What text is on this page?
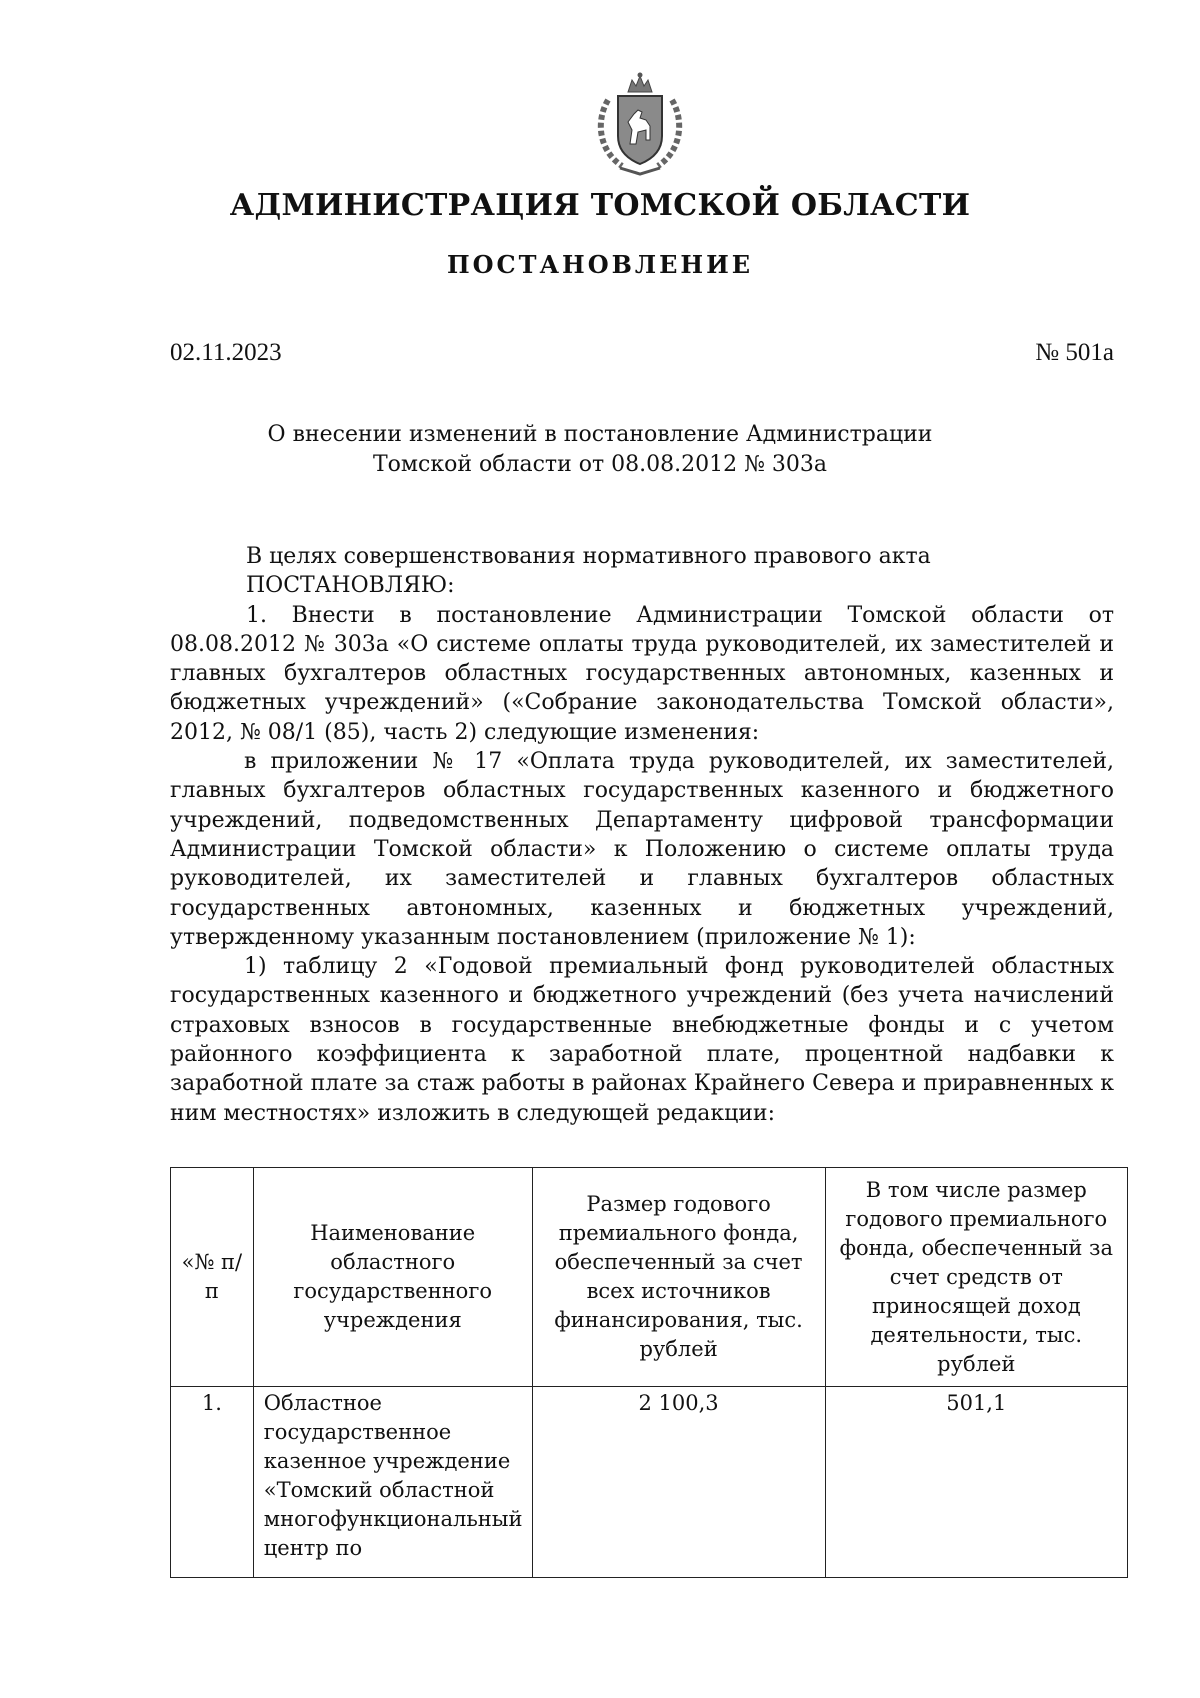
АДМИНИСТРАЦИЯ ТОМСКОЙ ОБЛАСТИ
ПОСТАНОВЛЕНИЕ
02.11.2023	№ 501а
О внесении изменений в постановление Администрации
Томской области от 08.08.2012 № 303а

В целях совершенствования нормативного правового акта

ПОСТАНОВЛЯЮ:

1. Внести в постановление Администрации Томской области от 08.08.2012 № 303а «О системе оплаты труда руководителей, их заместителей и главных бухгалтеров областных государственных автономных, казенных и бюджетных учреждений» («Собрание законодательства Томской области», 2012, № 08/1 (85), часть 2) следующие изменения:

в приложении № 17 «Оплата труда руководителей, их заместителей, главных бухгалтеров областных государственных казенного и бюджетного учреждений, подведомственных Департаменту цифровой трансформации Администрации Томской области» к Положению о системе оплаты труда руководителей, их заместителей и главных бухгалтеров областных государственных автономных, казенных и бюджетных учреждений, утвержденному указанным постановлением (приложение № 1):

1) таблицу 2 «Годовой премиальный фонд руководителей областных государственных казенного и бюджетного учреждений (без учета начислений страховых взносов в государственные внебюджетные фонды и с учетом районного коэффициента к заработной плате, процентной надбавки к заработной плате за стаж работы в районах Крайнего Севера и приравненных к ним местностях» изложить в следующей редакции:

«№ п/п	Наименование областного государственного учреждения	Размер годового премиального фонда, обеспеченный за счет всех источников финансирования, тыс. рублей	В том числе размер годового премиального фонда, обеспеченный за счет средств от приносящей доход деятельности, тыс. рублей
1.	Областное государственное казенное учреждение «Томский областной многофункциональный центр по	2 100,3	501,1
